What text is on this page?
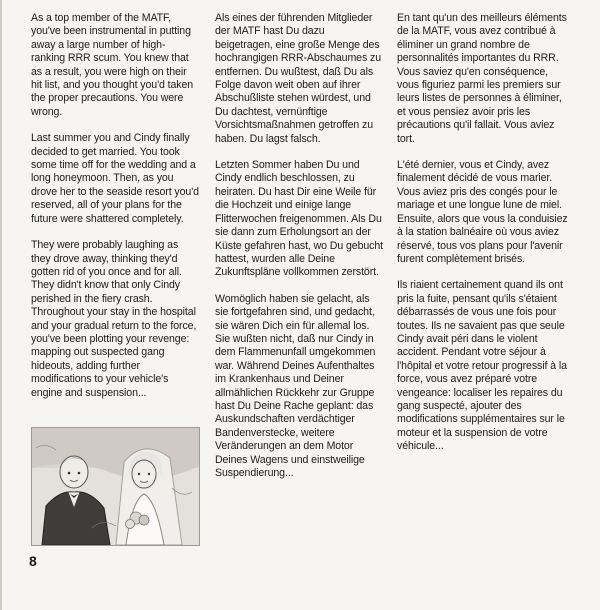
As a top member of the MATF, you've been instrumental in putting away a large number of high-ranking RRR scum. You knew that as a result, you were high on their hit list, and you thought you'd taken the proper precautions. You were wrong.

Last summer you and Cindy finally decided to get married. You took some time off for the wedding and a long honeymoon. Then, as you drove her to the seaside resort you'd reserved, all of your plans for the future were shattered completely.

They were probably laughing as they drove away, thinking they'd gotten rid of you once and for all. They didn't know that only Cindy perished in the fiery crash. Throughout your stay in the hospital and your gradual return to the force, you've been plotting your revenge: mapping out suspected gang hideouts, adding further modifications to your vehicle's engine and suspension...

8

Als eines der führenden Mitglieder der MATF hast Du dazu beigetragen, eine große Menge des hochrangigen RRR-Abschaumes zu entfernen. Du wußtest, daß Du als Folge davon weit oben auf ihrer Abschußliste stehen würdest, und Du dachtest, vernünftige Vorsichtsmaßnahmen getroffen zu haben. Du lagst falsch.

Letzten Sommer haben Du und Cindy endlich beschlossen, zu heiraten. Du hast Dir eine Weile für die Hochzeit und einige lange Flitterwochen freigenommen. Als Du sie dann zum Erholungsort an der Küste gefahren hast, wo Du gebucht hattest, wurden alle Deine Zukunftspläne vollkommen zerstört.

Womöglich haben sie gelacht, als sie fortgefahren sind, und gedacht, sie wären Dich ein für allemal los. Sie wußten nicht, daß nur Cindy in dem Flammenunfall umgekommen war. Während Deines Aufenthaltes im Krankenhaus und Deiner allmählichen Rückkehr zur Gruppe hast Du Deine Rache geplant: das Auskundschaften verdächtiger Bandenverstecke, weitere Veränderungen an dem Motor Deines Wagens und einstweilige Suspendierung...

En tant qu'un des meilleurs éléments de la MATF, vous avez contribué à éliminer un grand nombre de personnalités importantes du RRR. Vous saviez qu'en conséquence, vous figuriez parmi les premiers sur leurs listes de personnes à éliminer, et vous pensiez avoir pris les précautions qu'il fallait. Vous aviez tort.

L'été dernier, vous et Cindy, avez finalement décidé de vous marier. Vous aviez pris des congés pour le mariage et une longue lune de miel. Ensuite, alors que vous la conduisiez à la station balnéaire où vous aviez réservé, tous vos plans pour l'avenir furent complètement brisés.

Ils riaient certainement quand ils ont pris la fuite, pensant qu'ils s'étaient débarrassés de vous une fois pour toutes. Ils ne savaient pas que seule Cindy avait péri dans le violent accident. Pendant votre séjour à l'hôpital et votre retour progressif à la force, vous avez préparé votre vengeance: localiser les repaires du gang suspecté, ajouter des modifications supplémentaires sur le moteur et la suspension de votre véhicule...
